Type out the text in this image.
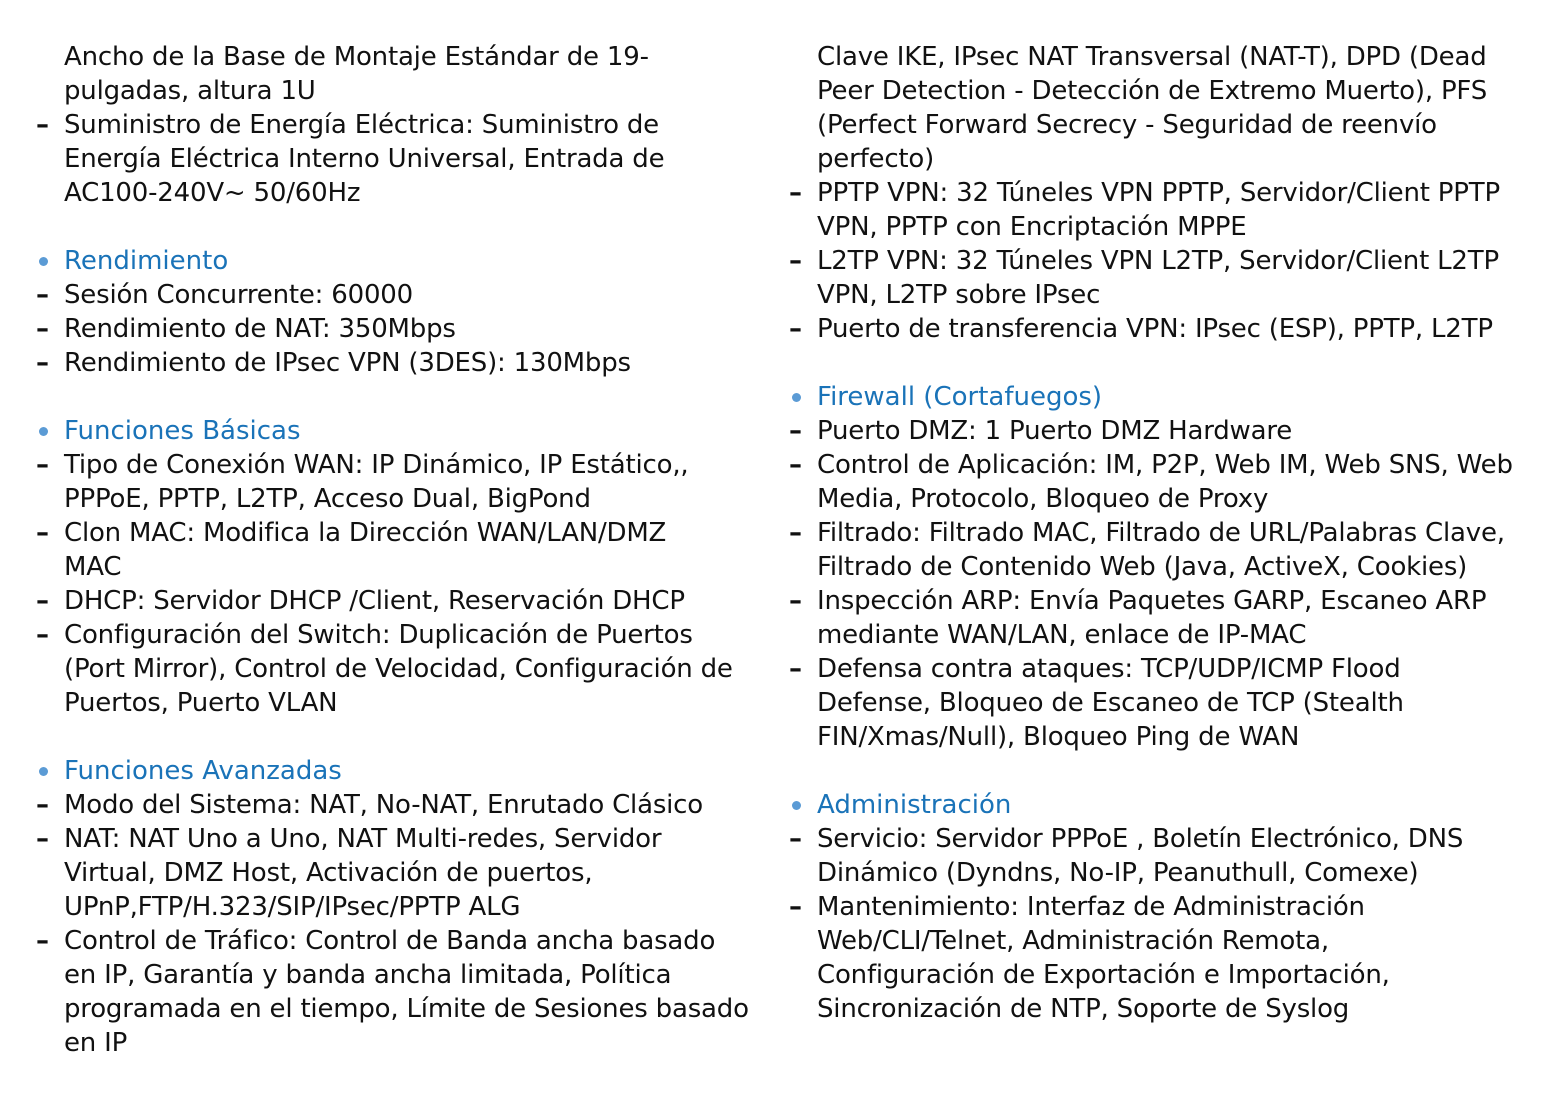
Ancho de la Base de Montaje Estándar de 19-
pulgadas, altura 1U
– Suministro de Energía Eléctrica: Suministro de
Energía Eléctrica Interno Universal, Entrada de
AC100-240V~ 50/60Hz
Rendimiento
– Sesión Concurrente: 60000
– Rendimiento de NAT: 350Mbps
– Rendimiento de IPsec VPN (3DES): 130Mbps
Funciones Básicas
– Tipo de Conexión WAN: IP Dinámico, IP Estático,,
PPPoE, PPTP, L2TP, Acceso Dual, BigPond
– Clon MAC: Modifica la Dirección WAN/LAN/DMZ
MAC
– DHCP: Servidor DHCP /Client, Reservación DHCP
– Configuración del Switch: Duplicación de Puertos
(Port Mirror), Control de Velocidad, Configuración de
Puertos, Puerto VLAN
Funciones Avanzadas
– Modo del Sistema: NAT, No-NAT, Enrutado Clásico
– NAT: NAT Uno a Uno, NAT Multi-redes, Servidor
Virtual, DMZ Host, Activación de puertos,
UPnP,FTP/H.323/SIP/IPsec/PPTP ALG
– Control de Tráfico: Control de Banda ancha basado
en IP, Garantía y banda ancha limitada, Política
programada en el tiempo, Límite de Sesiones basado
en IP
Clave IKE, IPsec NAT Transversal (NAT-T), DPD (Dead
Peer Detection - Detección de Extremo Muerto), PFS
(Perfect Forward Secrecy - Seguridad de reenvío
perfecto)
– PPTP VPN: 32 Túneles VPN PPTP, Servidor/Client PPTP
VPN, PPTP con Encriptación MPPE
– L2TP VPN: 32 Túneles VPN L2TP, Servidor/Client L2TP
VPN, L2TP sobre IPsec
– Puerto de transferencia VPN: IPsec (ESP), PPTP, L2TP
Firewall (Cortafuegos)
– Puerto DMZ: 1 Puerto DMZ Hardware
– Control de Aplicación: IM, P2P, Web IM, Web SNS, Web
Media, Protocolo, Bloqueo de Proxy
– Filtrado: Filtrado MAC, Filtrado de URL/Palabras Clave,
Filtrado de Contenido Web (Java, ActiveX, Cookies)
– Inspección ARP: Envía Paquetes GARP, Escaneo ARP
mediante WAN/LAN, enlace de IP-MAC
– Defensa contra ataques: TCP/UDP/ICMP Flood
Defense, Bloqueo de Escaneo de TCP (Stealth
FIN/Xmas/Null), Bloqueo Ping de WAN
Administración
– Servicio: Servidor PPPoE , Boletín Electrónico, DNS
Dinámico (Dyndns, No-IP, Peanuthull, Comexe)
– Mantenimiento: Interfaz de Administración
Web/CLI/Telnet, Administración Remota,
Configuración de Exportación e Importación,
Sincronización de NTP, Soporte de Syslog
